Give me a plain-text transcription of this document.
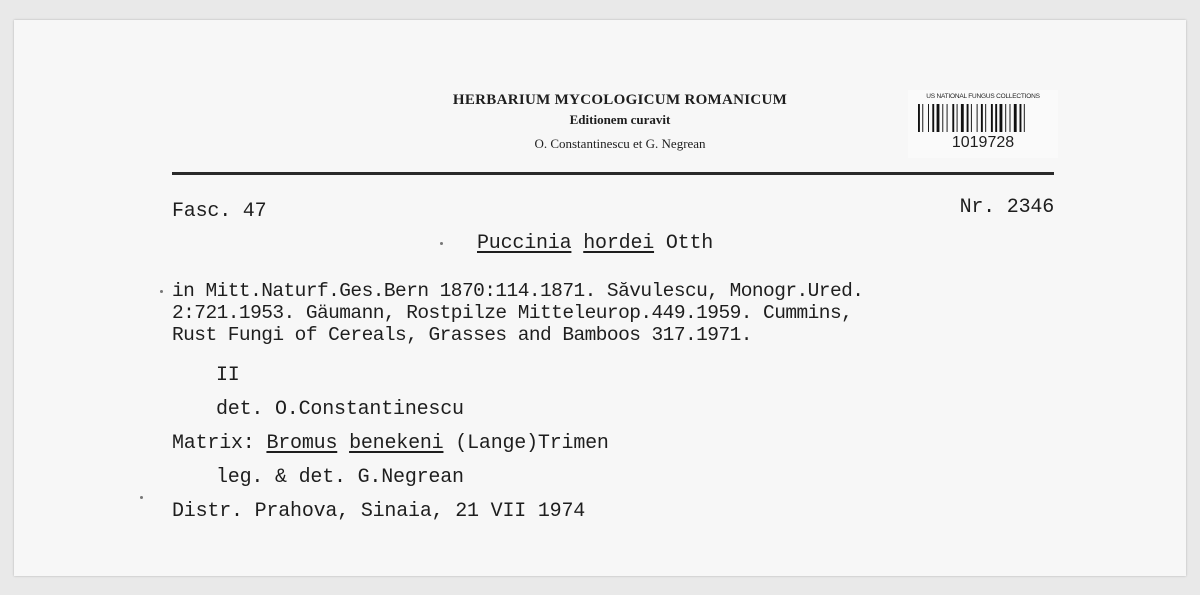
HERBARIUM MYCOLOGICUM ROMANICUM
Editionem curavit
O. Constantinescu et G. Negrean
US NATIONAL FUNGUS COLLECTIONS
1019728
Fasc. 47	Nr. 2346
Puccinia hordei Otth
in Mitt.Naturf.Ges.Bern 1870:114.1871. Săvulescu, Monogr.Ured.
2:721.1953. Gäumann, Rostpilze Mitteleurop.449.1959. Cummins,
Rust Fungi of Cereals, Grasses and Bamboos 317.1971.
II
det. O.Constantinescu
Matrix: Bromus benekeni (Lange)Trimen
leg. & det. G.Negrean
Distr. Prahova, Sinaia, 21 VII 1974
